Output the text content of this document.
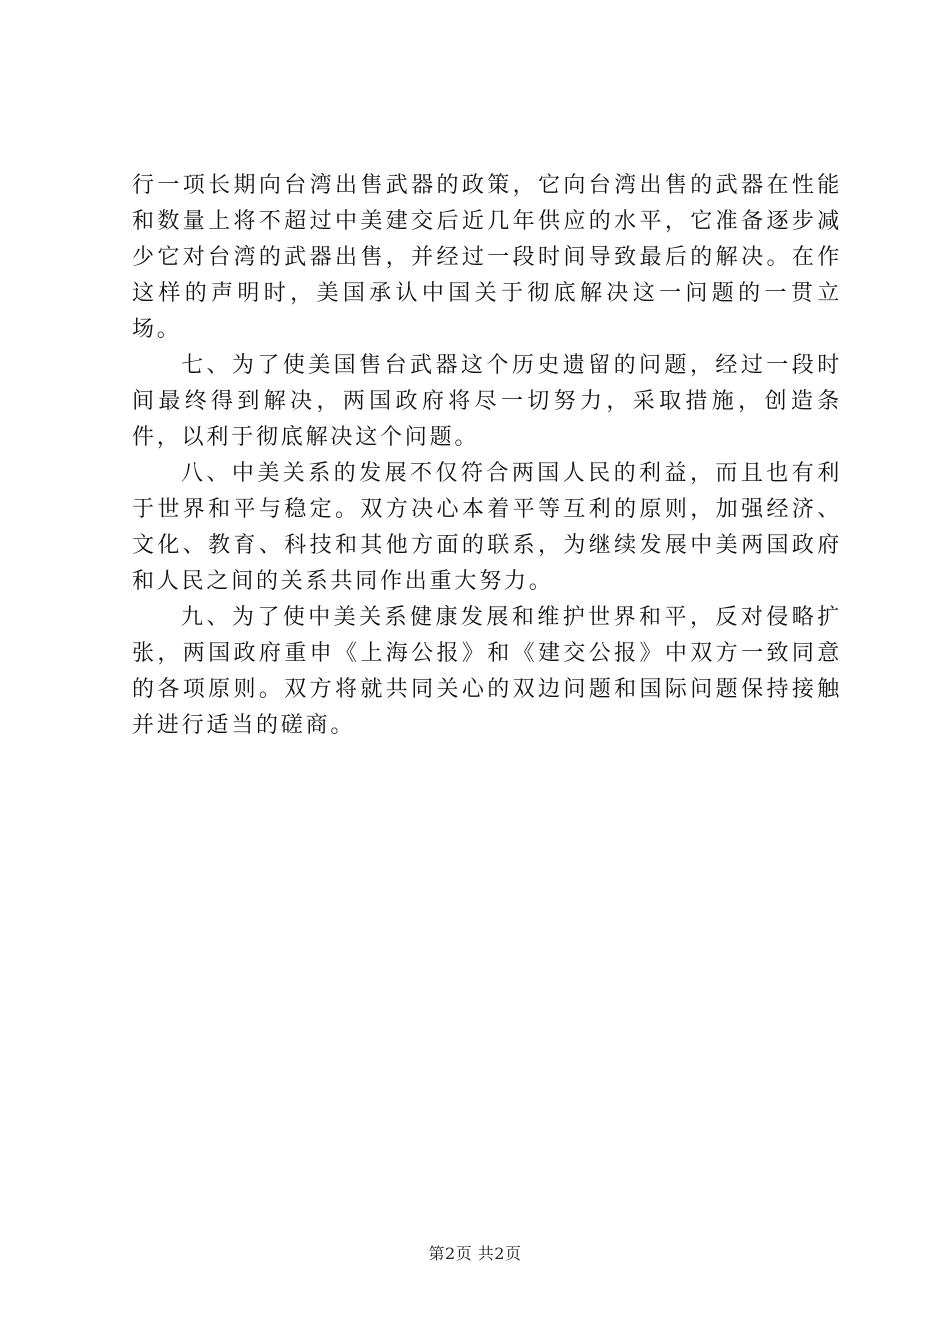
行一项长期向台湾出售武器的政策，它向台湾出售的武器在性能和数量上将不超过中美建交后近几年供应的水平，它准备逐步减少它对台湾的武器出售，并经过一段时间导致最后的解决。在作这样的声明时，美国承认中国关于彻底解决这一问题的一贯立场。

七、为了使美国售台武器这个历史遗留的问题，经过一段时间最终得到解决，两国政府将尽一切努力，采取措施，创造条件，以利于彻底解决这个问题。

八、中美关系的发展不仅符合两国人民的利益，而且也有利于世界和平与稳定。双方决心本着平等互利的原则，加强经济、文化、教育、科技和其他方面的联系，为继续发展中美两国政府和人民之间的关系共同作出重大努力。

九、为了使中美关系健康发展和维护世界和平，反对侵略扩张，两国政府重申《上海公报》和《建交公报》中双方一致同意的各项原则。双方将就共同关心的双边问题和国际问题保持接触并进行适当的磋商。

第2页 共2页
